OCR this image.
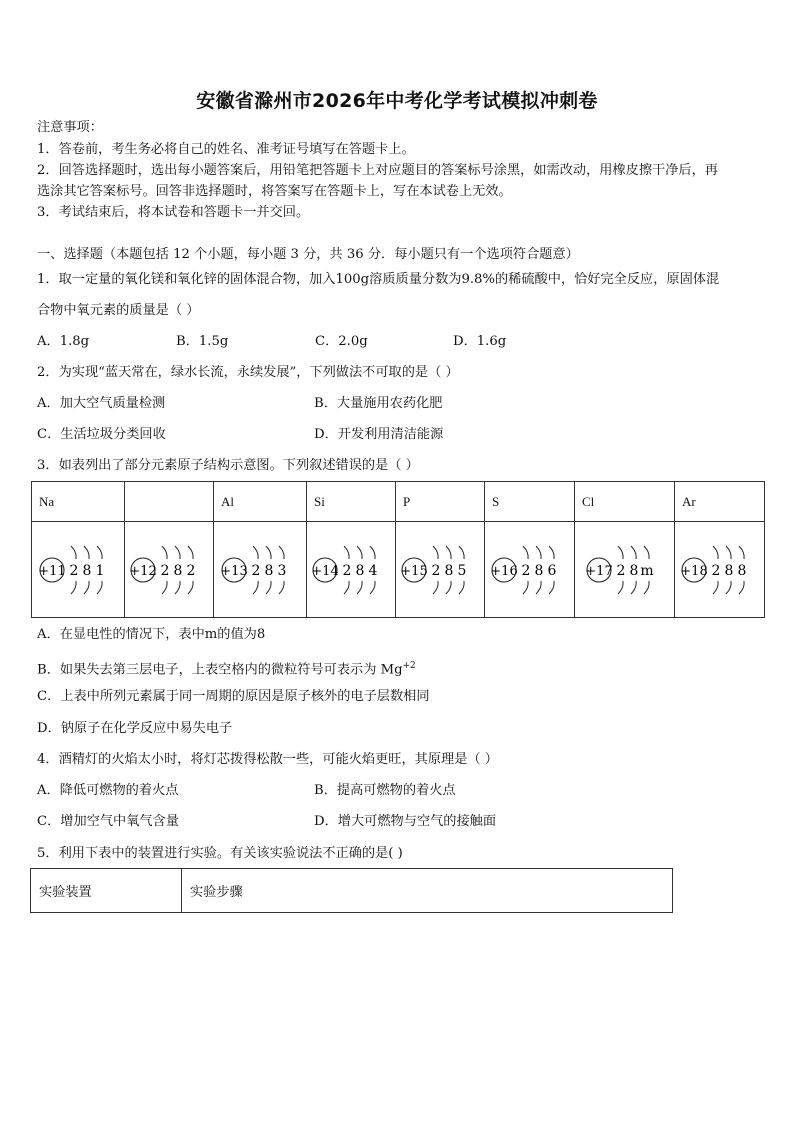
安徽省滁州市2026年中考化学考试模拟冲刺卷
注意事项：
1．答卷前，考生务必将自己的姓名、准考证号填写在答题卡上。
2．回答选择题时，选出每小题答案后，用铅笔把答题卡上对应题目的答案标号涂黑，如需改动，用橡皮擦干净后，再
选涂其它答案标号。回答非选择题时，将答案写在答题卡上，写在本试卷上无效。
3．考试结束后，将本试卷和答题卡一并交回。
一、选择题（本题包括 12 个小题，每小题 3 分，共 36 分．每小题只有一个选项符合题意）
1．取一定量的氧化镁和氧化锌的固体混合物，加入100g溶质质量分数为9.8%的稀硫酸中，恰好完全反应，原固体混
合物中氧元素的质量是（ ）
A．1.8g	B．1.5g	C．2.0g	D．1.6g
2．为实现“蓝天常在，绿水长流，永续发展”，下列做法不可取的是（ ）
A．加大空气质量检测	B．大量施用农药化肥
C．生活垃圾分类回收	D．开发利用清洁能源
3．如表列出了部分元素原子结构示意图。下列叙述错误的是（ ）
Na		Al	Si	P	S	Cl	Ar

+11 2 8 1	+12 2 8 2	+13 2 8 3	+14 2 8 4	+15 2 8 5	+16 2 8 6	+17 2 8 m	+18 2 8 8
A．在显电性的情况下，表中m的值为8
B．如果失去第三层电子，上表空格内的微粒符号可表示为 $Mg^{+2}$
C．上表中所列元素属于同一周期的原因是原子核外的电子层数相同
D．钠原子在化学反应中易失电子
4．酒精灯的火焰太小时，将灯芯拨得松散一些，可能火焰更旺，其原理是（ ）
A．降低可燃物的着火点	B．提高可燃物的着火点
C．增加空气中氧气含量	D．增大可燃物与空气的接触面
5．利用下表中的装置进行实验。有关该实验说法不正确的是( )
实验装置	实验步骤
